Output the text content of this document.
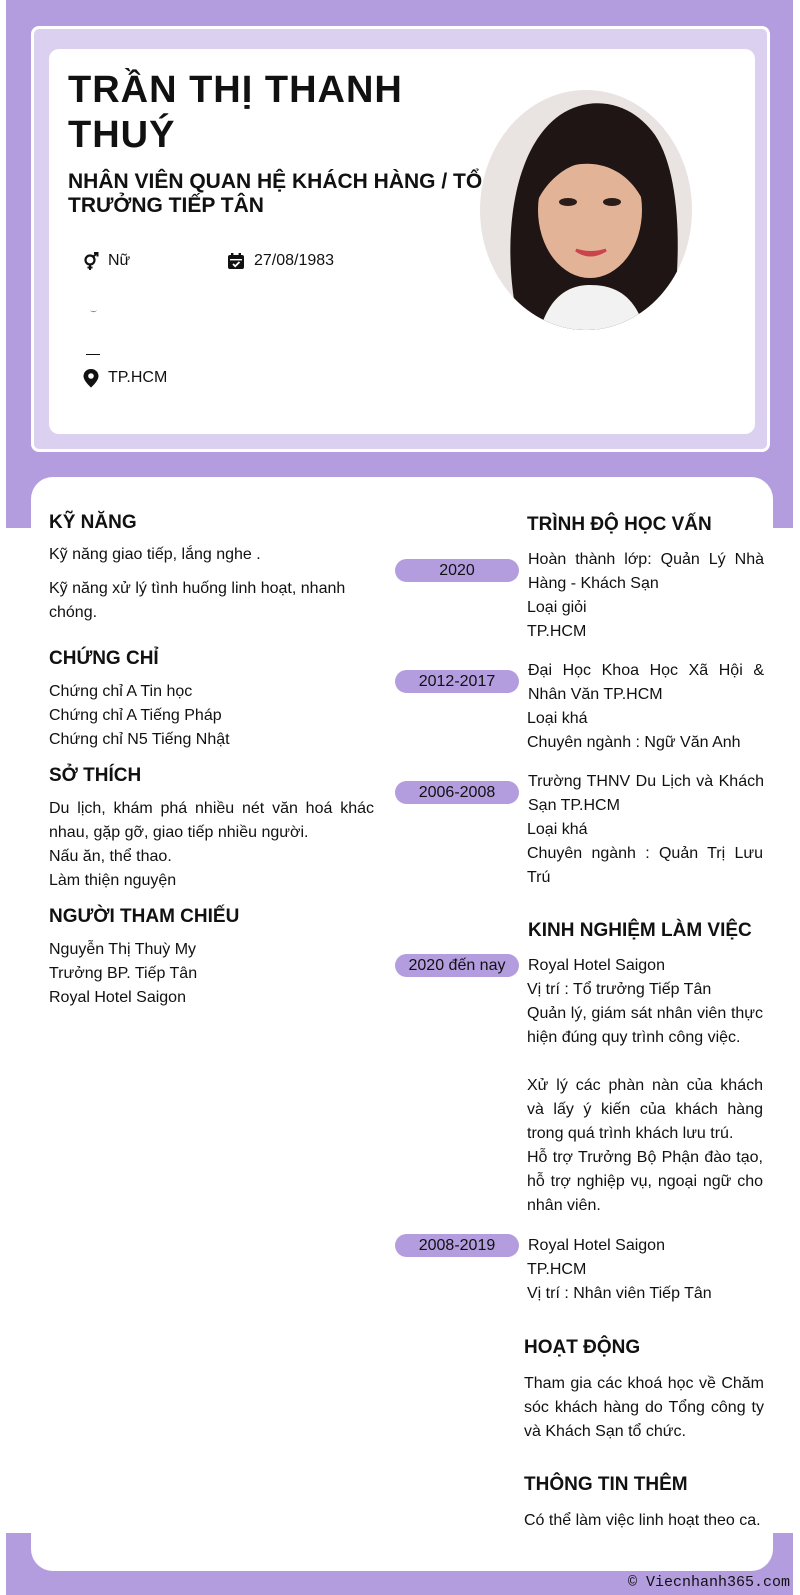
TRẦN THỊ THANH THUÝ
NHÂN VIÊN QUAN HỆ KHÁCH HÀNG / TỔ TRƯỞNG TIẾP TÂN
Nữ	27/08/1983
TP.HCM
KỸ NĂNG
Kỹ năng giao tiếp, lắng nghe .
Kỹ năng xử lý tình huống linh hoạt, nhanh chóng.
CHỨNG CHỈ
Chứng chỉ A Tin học
Chứng chỉ A Tiếng Pháp
Chứng chỉ N5 Tiếng Nhật
SỞ THÍCH
Du lịch, khám phá nhiều nét văn hoá khác nhau, gặp gỡ, giao tiếp nhiều người.
Nấu ăn, thể thao.
Làm thiện nguyện
NGƯỜI THAM CHIẾU
Nguyễn Thị Thuỳ My
Trưởng BP. Tiếp Tân
Royal Hotel Saigon
TRÌNH ĐỘ HỌC VẤN
2020
Hoàn thành lớp: Quản Lý Nhà Hàng - Khách Sạn
Loại giỏi
TP.HCM
2012-2017
Đại Học Khoa Học Xã Hội & Nhân Văn TP.HCM
Loại khá
Chuyên ngành : Ngữ Văn Anh
2006-2008
Trường THNV Du Lịch và Khách Sạn TP.HCM
Loại khá
Chuyên ngành : Quản Trị Lưu Trú
KINH NGHIỆM LÀM VIỆC
2020 đến nay	Royal Hotel Saigon
Vị trí : Tổ trưởng Tiếp Tân
Quản lý, giám sát nhân viên thực hiện đúng quy trình công việc.
Xử lý các phàn nàn của khách và lấy ý kiến của khách hàng trong quá trình khách lưu trú.
Hỗ trợ Trưởng Bộ Phận đào tạo, hỗ trợ nghiệp vụ, ngoại ngữ cho nhân viên.
2008-2019	Royal Hotel Saigon
TP.HCM
Vị trí : Nhân viên Tiếp Tân
HOẠT ĐỘNG
Tham gia các khoá học về Chăm sóc khách hàng do Tổng công ty và Khách Sạn tổ chức.
THÔNG TIN THÊM
Có thể làm việc linh hoạt theo ca.
© Viecnhanh365.com
